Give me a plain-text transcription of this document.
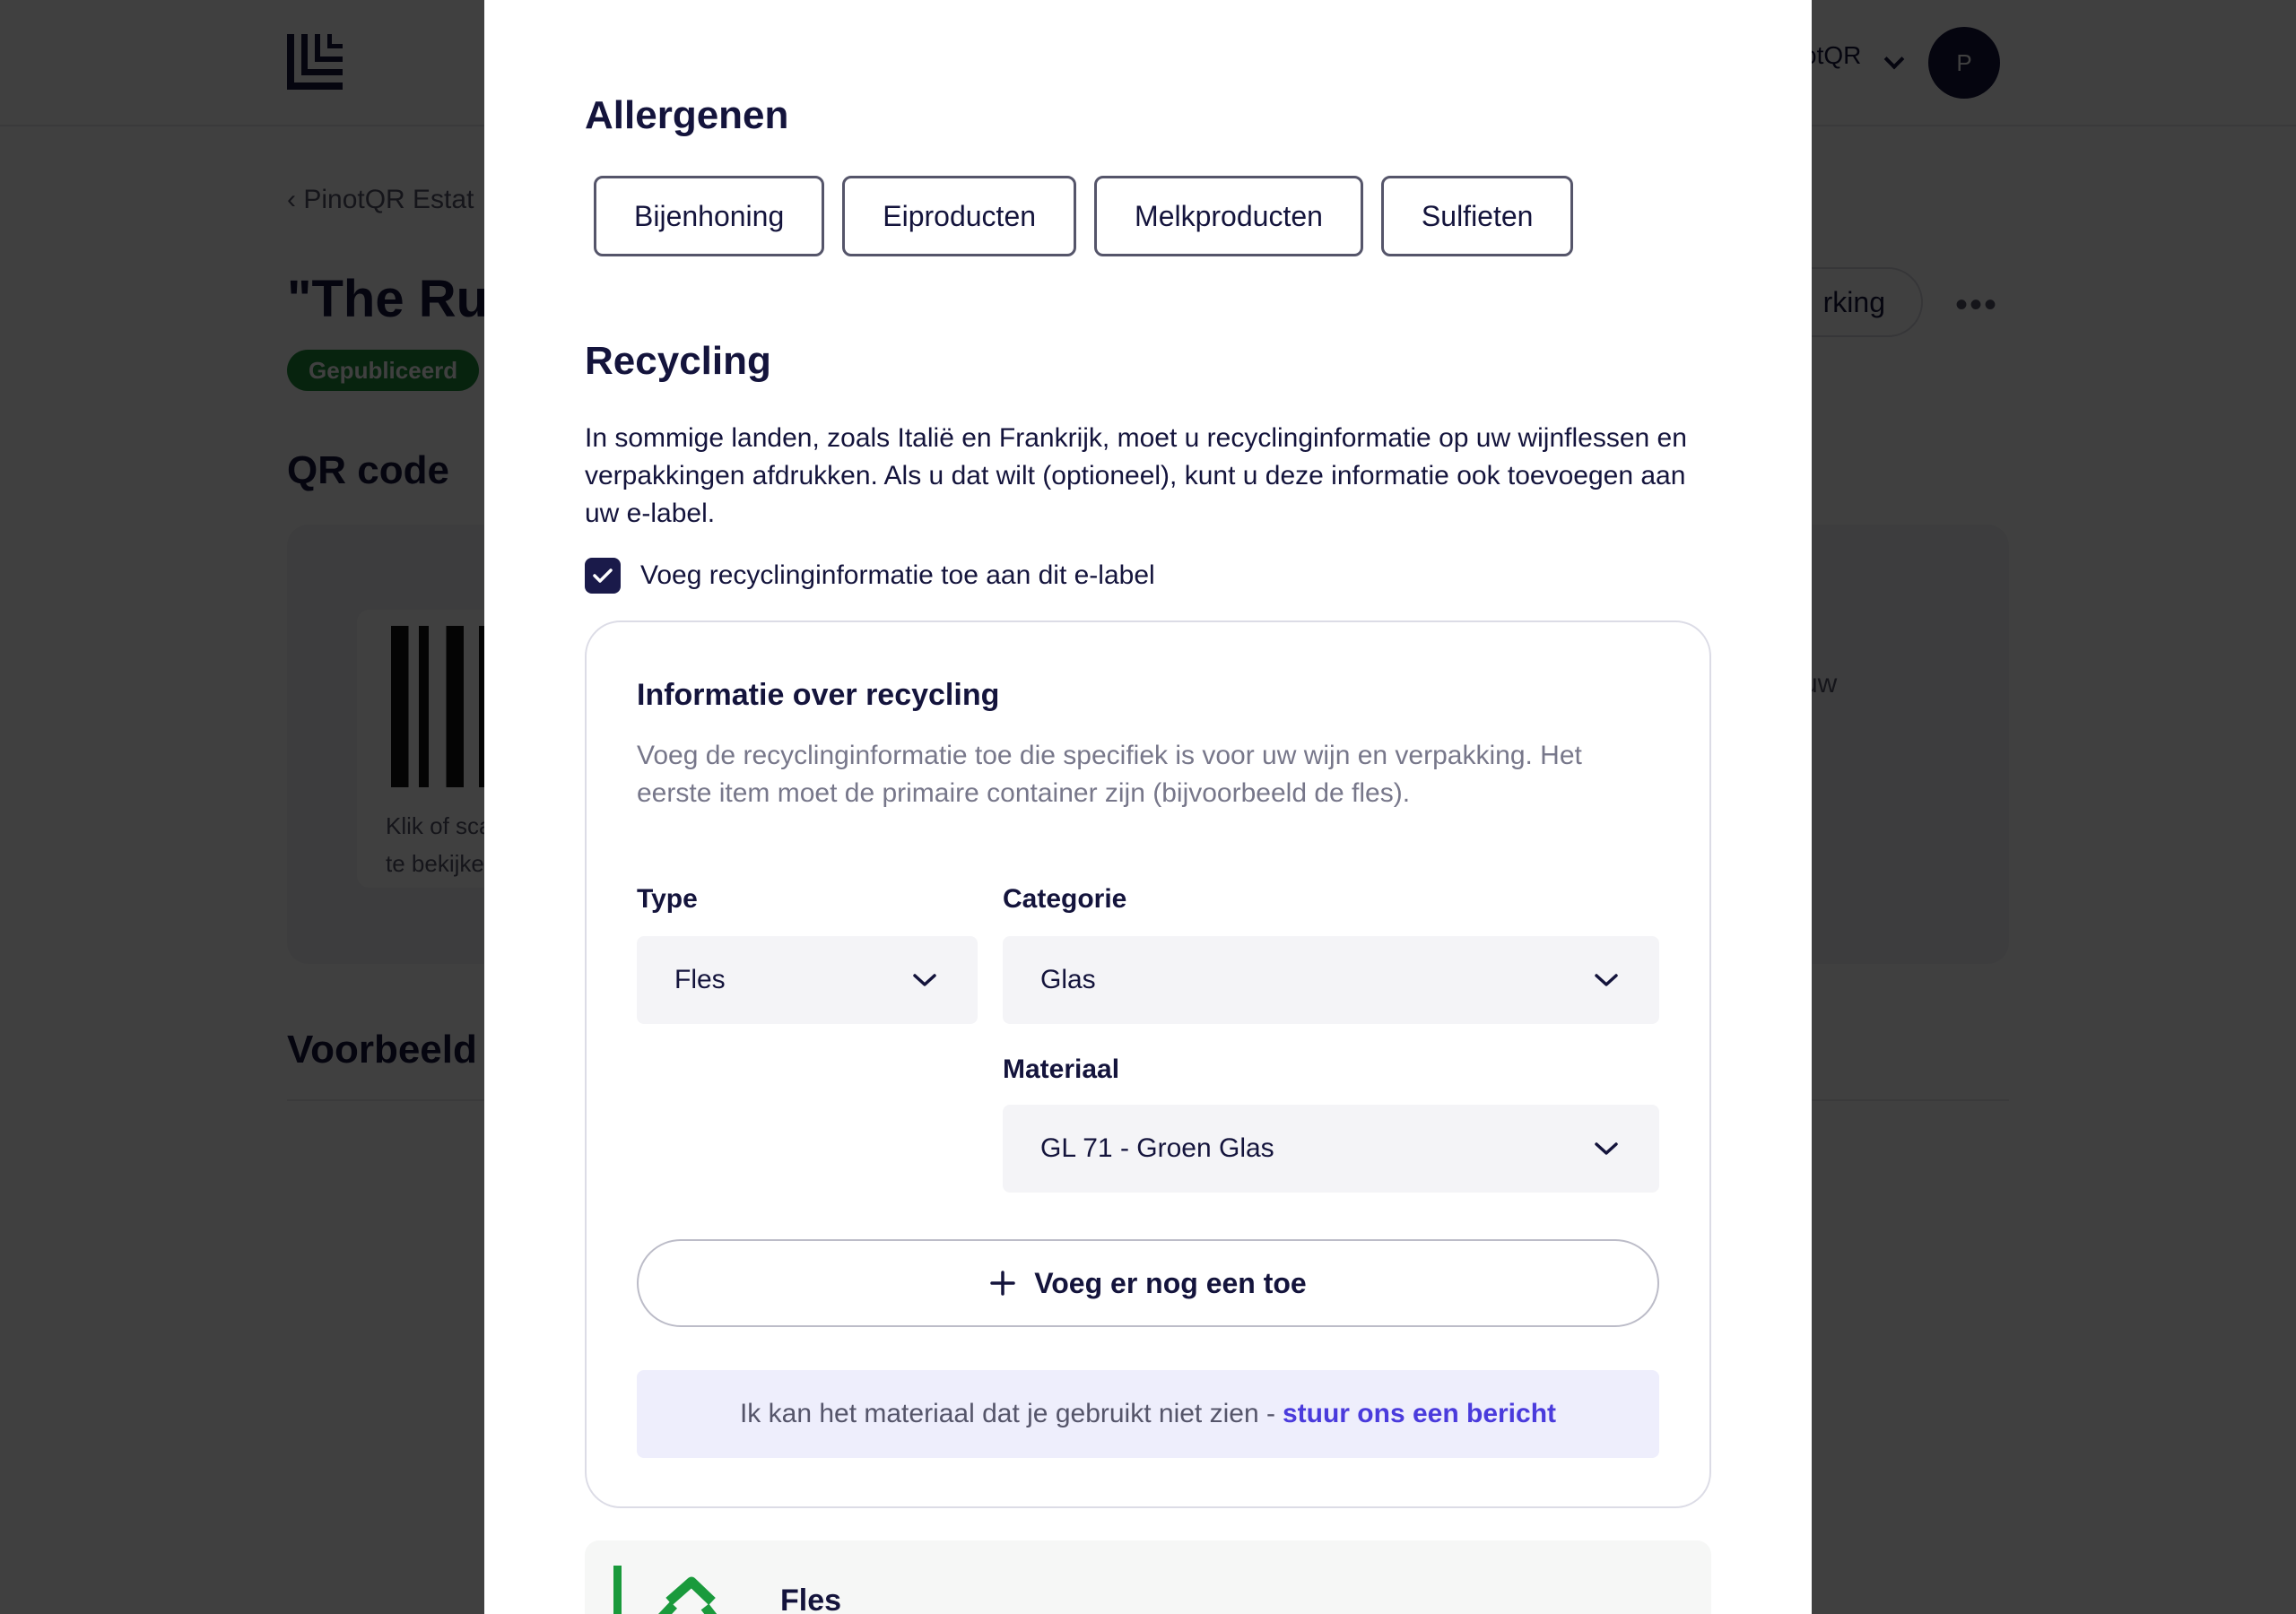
Allergenen
Bijenhoning	Eiproducten	Melkproducten	Sulfieten
Recycling

In sommige landen, zoals Italië en Frankrijk, moet u recyclinginformatie op uw wijnflessen en verpakkingen afdrukken. Als u dat wilt (optioneel), kunt u deze informatie ook toevoegen aan uw e-label.

Voeg recyclinginformatie toe aan dit e-label
Informatie over recycling

Voeg de recyclinginformatie toe die specifiek is voor uw wijn en verpakking. Het eerste item moet de primaire container zijn (bijvoorbeeld de fles).

Type
Fles
Categorie
Glas
Materiaal
GL 71 - Groen Glas
Voeg er nog een toe
Ik kan het materiaal dat je gebruikt niet zien - stuur ons een bericht
Fles
